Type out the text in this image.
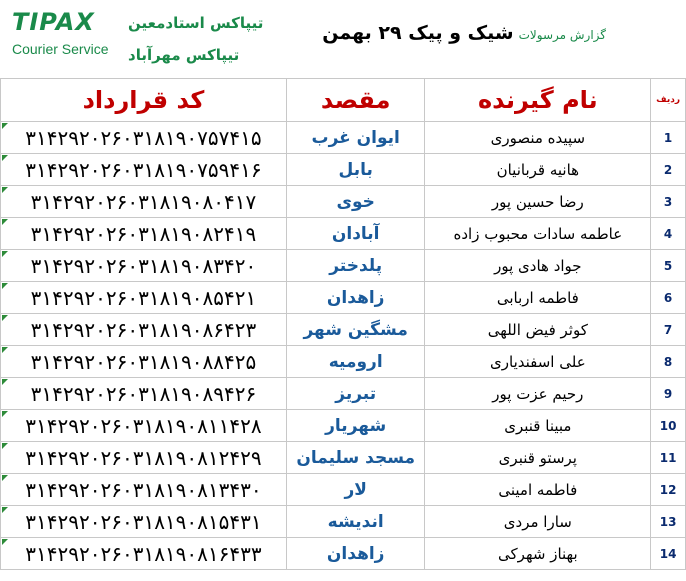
TIPAX
Courier Service
تیپاکس استادمعین
تیپاکس مهرآباد
گزارش مرسولات شیک و پیک ۲۹ بهمن
کد قرارداد	مقصد	نام گیرنده	ردیف

۳۱۴۲۹۲۰۲۶۰۳۱۸۱۹۰۷۵۷۴۱۵	ایوان غرب	سپیده منصوری	1

۳۱۴۲۹۲۰۲۶۰۳۱۸۱۹۰۷۵۹۴۱۶	بابل	هانیه قربانیان	2

۳۱۴۲۹۲۰۲۶۰۳۱۸۱۹۰۸۰۴۱۷	خوی	رضا حسین پور	3

۳۱۴۲۹۲۰۲۶۰۳۱۸۱۹۰۸۲۴۱۹	آبادان	عاطمه سادات محبوب زاده	4

۳۱۴۲۹۲۰۲۶۰۳۱۸۱۹۰۸۳۴۲۰	پلدختر	جواد هادی پور	5

۳۱۴۲۹۲۰۲۶۰۳۱۸۱۹۰۸۵۴۲۱	زاهدان	فاطمه اربابی	6

۳۱۴۲۹۲۰۲۶۰۳۱۸۱۹۰۸۶۴۲۳	مشگین شهر	کوثر فیض اللهی	7

۳۱۴۲۹۲۰۲۶۰۳۱۸۱۹۰۸۸۴۲۵	ارومیه	علی اسفندیاری	8

۳۱۴۲۹۲۰۲۶۰۳۱۸۱۹۰۸۹۴۲۶	تبریز	رحیم عزت پور	9

۳۱۴۲۹۲۰۲۶۰۳۱۸۱۹۰۸۱۱۴۲۸	شهریار	مبینا قنبری	10

۳۱۴۲۹۲۰۲۶۰۳۱۸۱۹۰۸۱۲۴۲۹	مسجد سلیمان	پرستو قنبری	11

۳۱۴۲۹۲۰۲۶۰۳۱۸۱۹۰۸۱۳۴۳۰	لار	فاطمه امینی	12

۳۱۴۲۹۲۰۲۶۰۳۱۸۱۹۰۸۱۵۴۳۱	اندیشه	سارا مردی	13

۳۱۴۲۹۲۰۲۶۰۳۱۸۱۹۰۸۱۶۴۳۳	زاهدان	بهناز شهرکی	14
